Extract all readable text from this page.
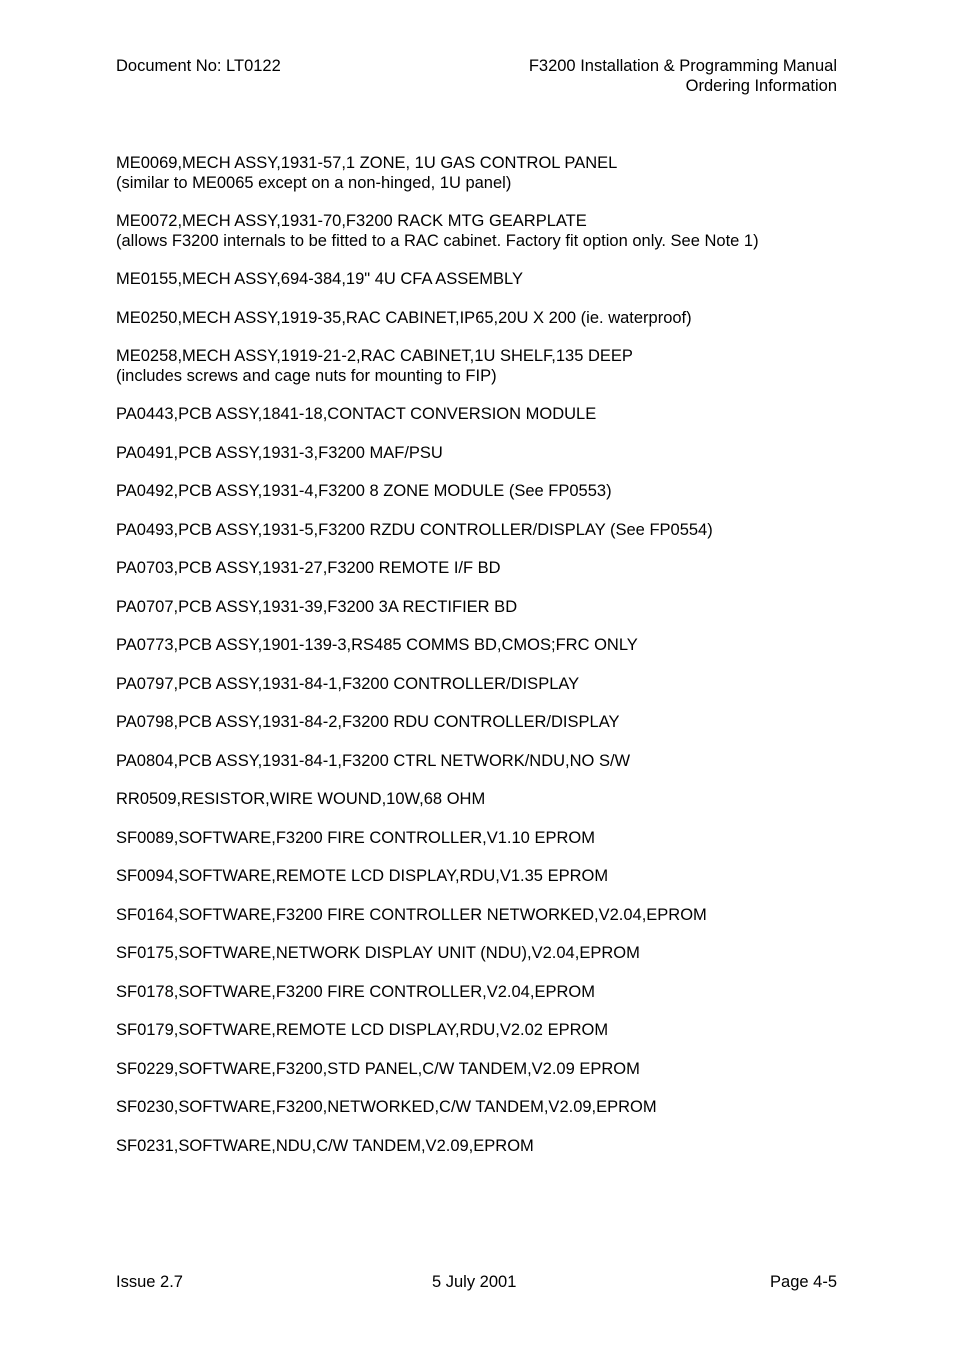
Document No: LT0122	F3200 Installation & Programming Manual
Ordering Information
ME0069,MECH ASSY,1931-57,1 ZONE, 1U GAS CONTROL PANEL
(similar to ME0065 except on a non-hinged, 1U panel)
ME0072,MECH ASSY,1931-70,F3200 RACK MTG GEARPLATE
(allows F3200 internals to be fitted to a RAC cabinet. Factory fit option only. See Note 1)
ME0155,MECH ASSY,694-384,19" 4U CFA ASSEMBLY
ME0250,MECH ASSY,1919-35,RAC CABINET,IP65,20U X 200 (ie. waterproof)
ME0258,MECH ASSY,1919-21-2,RAC CABINET,1U SHELF,135 DEEP
(includes screws and cage nuts for mounting to FIP)
PA0443,PCB ASSY,1841-18,CONTACT CONVERSION MODULE
PA0491,PCB ASSY,1931-3,F3200 MAF/PSU
PA0492,PCB ASSY,1931-4,F3200 8 ZONE MODULE (See FP0553)
PA0493,PCB ASSY,1931-5,F3200 RZDU CONTROLLER/DISPLAY (See FP0554)
PA0703,PCB ASSY,1931-27,F3200 REMOTE I/F BD
PA0707,PCB ASSY,1931-39,F3200 3A RECTIFIER BD
PA0773,PCB ASSY,1901-139-3,RS485 COMMS BD,CMOS;FRC ONLY
PA0797,PCB ASSY,1931-84-1,F3200 CONTROLLER/DISPLAY
PA0798,PCB ASSY,1931-84-2,F3200 RDU CONTROLLER/DISPLAY
PA0804,PCB ASSY,1931-84-1,F3200 CTRL NETWORK/NDU,NO S/W
RR0509,RESISTOR,WIRE WOUND,10W,68 OHM
SF0089,SOFTWARE,F3200 FIRE CONTROLLER,V1.10 EPROM
SF0094,SOFTWARE,REMOTE LCD DISPLAY,RDU,V1.35 EPROM
SF0164,SOFTWARE,F3200 FIRE CONTROLLER NETWORKED,V2.04,EPROM
SF0175,SOFTWARE,NETWORK DISPLAY UNIT (NDU),V2.04,EPROM
SF0178,SOFTWARE,F3200 FIRE CONTROLLER,V2.04,EPROM
SF0179,SOFTWARE,REMOTE LCD DISPLAY,RDU,V2.02 EPROM
SF0229,SOFTWARE,F3200,STD PANEL,C/W TANDEM,V2.09 EPROM
SF0230,SOFTWARE,F3200,NETWORKED,C/W TANDEM,V2.09,EPROM
SF0231,SOFTWARE,NDU,C/W TANDEM,V2.09,EPROM
Issue 2.7	5 July 2001	Page 4-5
